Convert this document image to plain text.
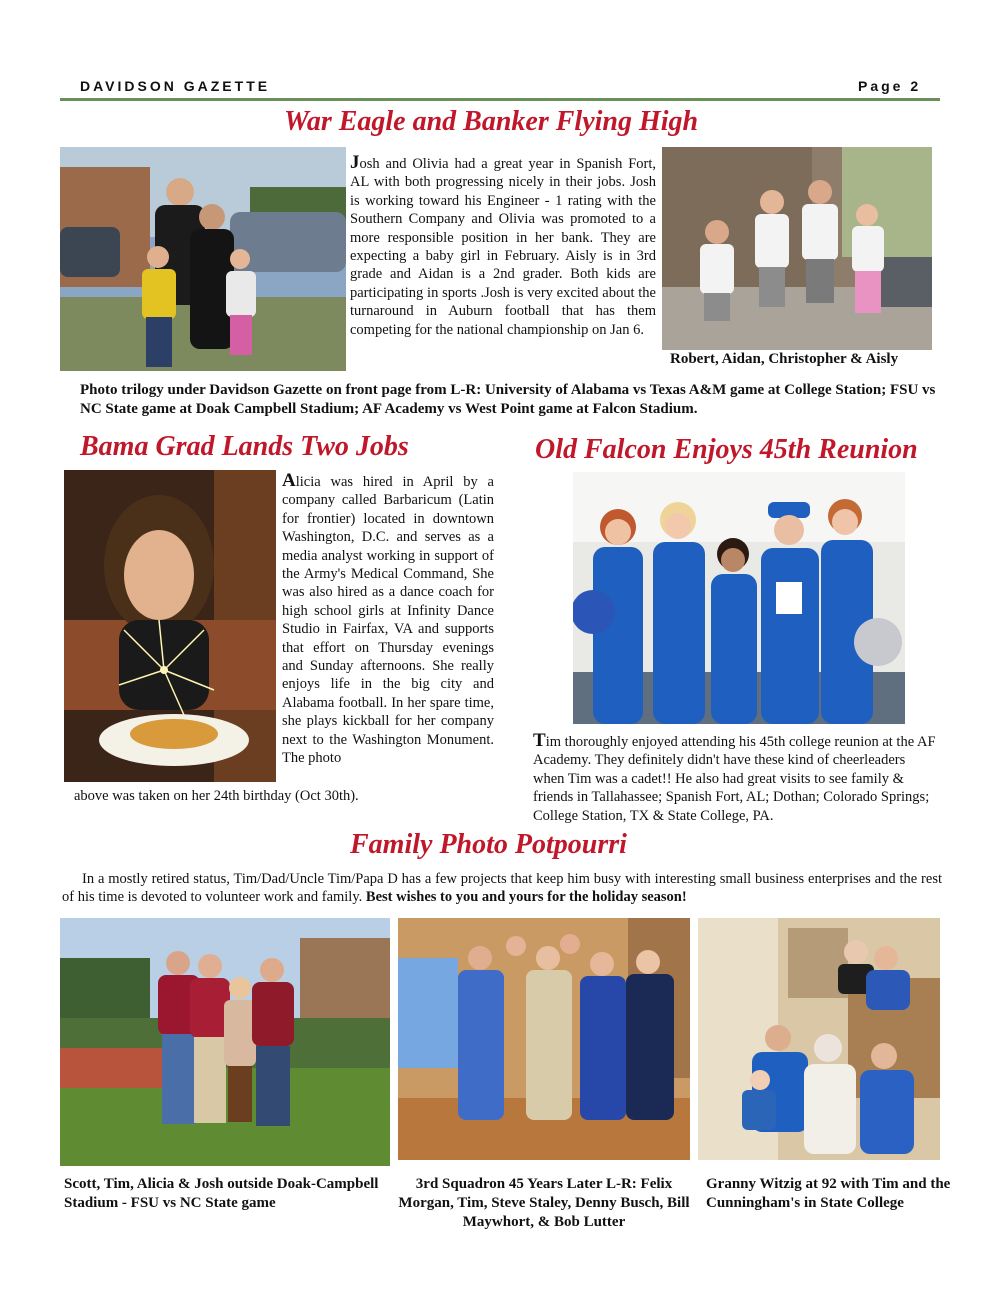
DAVIDSON GAZETTE	Page 2
War Eagle and Banker Flying High
Josh and Olivia had a great year in Spanish Fort, AL with both progressing nicely in their jobs. Josh is working toward his Engineer - 1 rating with the Southern Company and Olivia was promoted to a more responsible position in her bank. They are expecting a baby girl in February. Aisly is in 3rd grade and Aidan is a 2nd grader. Both kids are participating in sports .Josh is very excited about the turnaround in Auburn football that has them competing for the national championship on Jan 6.
Robert, Aidan, Christopher & Aisly
Photo trilogy under Davidson Gazette on front page from L-R: University of Alabama vs Texas A&M game at College Station; FSU vs NC State game at Doak Campbell Stadium; AF Academy vs West Point game at Falcon Stadium.
Bama Grad Lands Two Jobs
Alicia was hired in April by a company called Barbaricum (Latin for frontier) located in downtown Washington, D.C. and serves as a media analyst working in support of the Army's Medical Command, She was also hired as a dance coach for high school girls at Infinity Dance Studio in Fairfax, VA and supports that effort on Thursday evenings and Sunday afternoons. She really enjoys life in the big city and Alabama football. In her spare time, she plays kickball for her company next to the Washington Monument. The photo
above was taken on her 24th birthday (Oct 30th).
Old Falcon Enjoys 45th Reunion
Tim thoroughly enjoyed attending his 45th college reunion at the AF Academy. They definitely didn't have these kind of cheerleaders when Tim was a cadet!! He also had great visits to see family & friends in Tallahassee; Spanish Fort, AL; Dothan; Colorado Springs; College Station, TX & State College, PA.
Family Photo Potpourri
In a mostly retired status, Tim/Dad/Uncle Tim/Papa D has a few projects that keep him busy with interesting small business enterprises and the rest of his time is devoted to volunteer work and family. Best wishes to you and yours for the holiday season!
Scott, Tim, Alicia & Josh outside Doak-Campbell Stadium - FSU vs NC State game
3rd Squadron 45 Years Later L-R: Felix Morgan, Tim, Steve Staley, Denny Busch, Bill Maywhort, & Bob Lutter
Granny Witzig at 92 with Tim and the Cunningham's in State College
